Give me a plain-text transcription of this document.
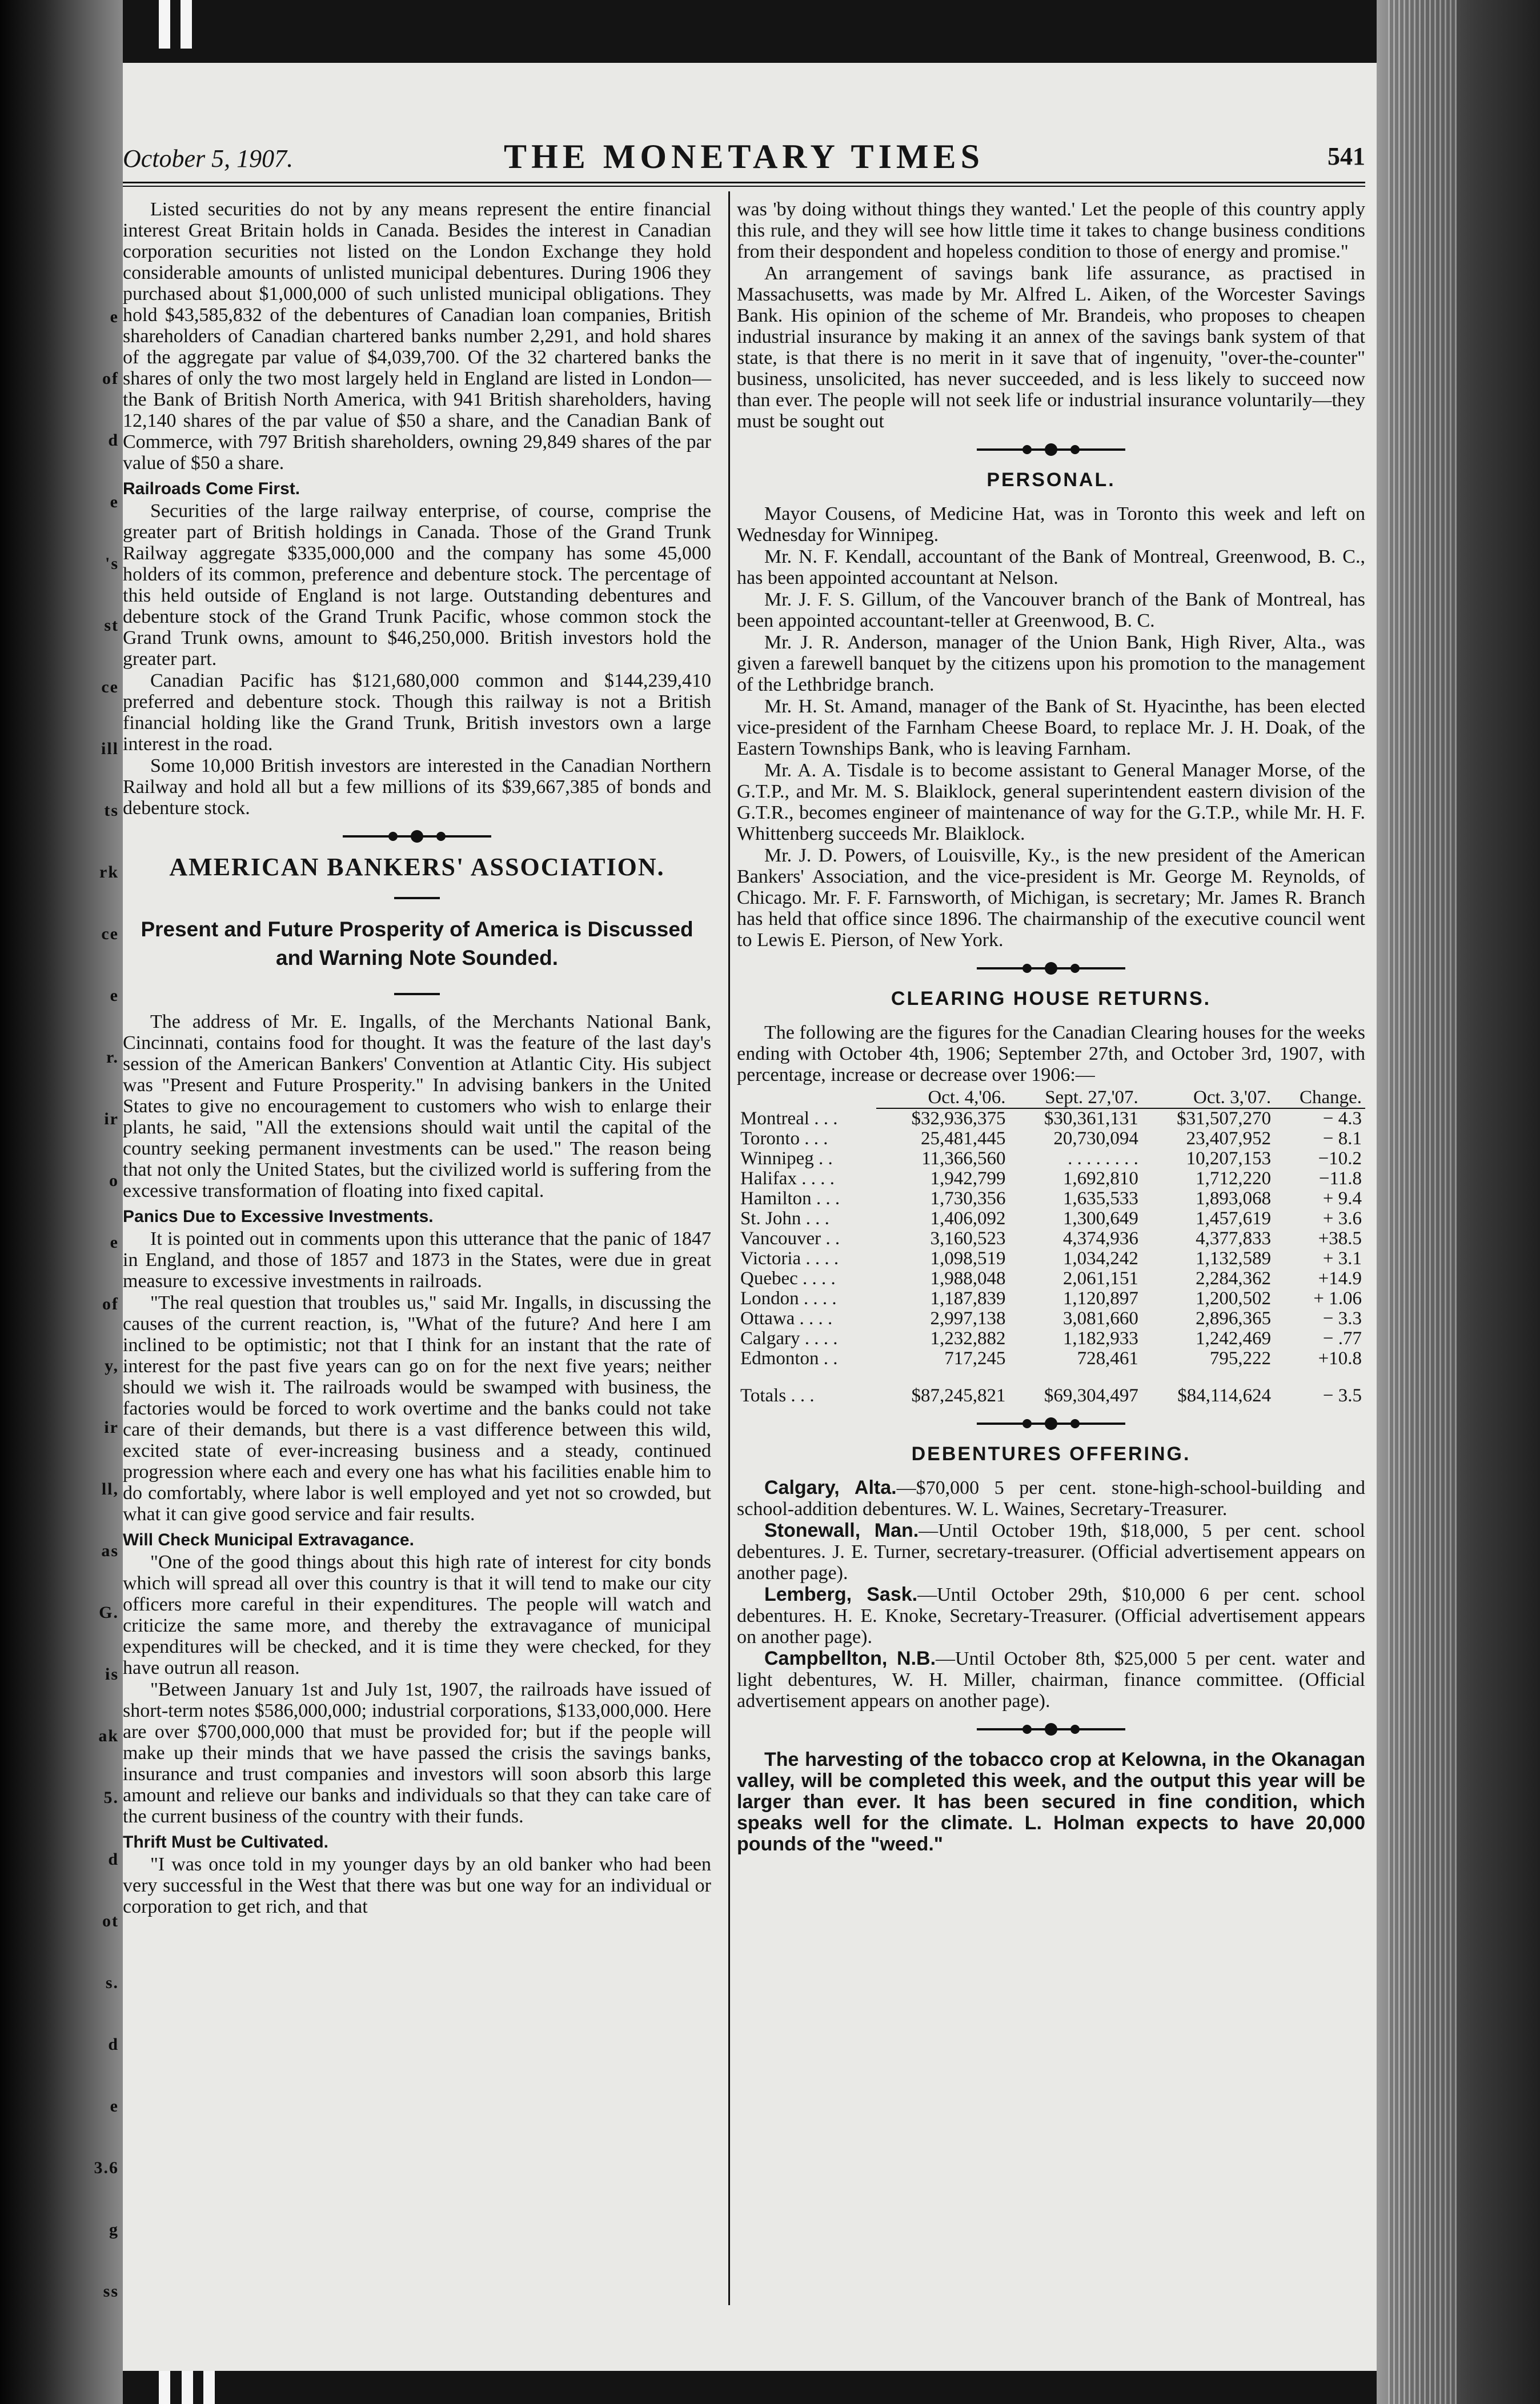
e
of
d
e
's
st
ce
ill
ts
rk
ce
e
r.
ir
o
e
of
y,
ir
ll,
as
G.
is
ak
5.
d
ot
s.
d
e
3.6
g
ss
October 5, 1907.	THE MONETARY TIMES	541

Listed securities do not by any means represent the entire financial interest Great Britain holds in Canada. Besides the interest in Canadian corporation securities not listed on the London Exchange they hold considerable amounts of unlisted municipal debentures. During 1906 they purchased about $1,000,000 of such unlisted municipal obligations. They hold $43,585,832 of the debentures of Canadian loan companies, British shareholders of Canadian chartered banks number 2,291, and hold shares of the aggregate par value of $4,039,700. Of the 32 chartered banks the shares of only the two most largely held in England are listed in London—the Bank of British North America, with 941 British shareholders, having 12,140 shares of the par value of $50 a share, and the Canadian Bank of Commerce, with 797 British shareholders, owning 29,849 shares of the par value of $50 a share.

Railroads Come First.

Securities of the large railway enterprise, of course, comprise the greater part of British holdings in Canada. Those of the Grand Trunk Railway aggregate $335,000,000 and the company has some 45,000 holders of its common, preference and debenture stock. The percentage of this held outside of England is not large. Outstanding debentures and debenture stock of the Grand Trunk Pacific, whose common stock the Grand Trunk owns, amount to $46,250,000. British investors hold the greater part.

Canadian Pacific has $121,680,000 common and $144,239,410 preferred and debenture stock. Though this railway is not a British financial holding like the Grand Trunk, British investors own a large interest in the road.

Some 10,000 British investors are interested in the Canadian Northern Railway and hold all but a few millions of its $39,667,385 of bonds and debenture stock.

AMERICAN BANKERS' ASSOCIATION.
Present and Future Prosperity of America is Discussed and Warning Note Sounded.

The address of Mr. E. Ingalls, of the Merchants National Bank, Cincinnati, contains food for thought. It was the feature of the last day's session of the American Bankers' Convention at Atlantic City. His subject was "Present and Future Prosperity." In advising bankers in the United States to give no encouragement to customers who wish to enlarge their plants, he said, "All the extensions should wait until the capital of the country seeking permanent investments can be used." The reason being that not only the United States, but the civilized world is suffering from the excessive transformation of floating into fixed capital.

Panics Due to Excessive Investments.

It is pointed out in comments upon this utterance that the panic of 1847 in England, and those of 1857 and 1873 in the States, were due in great measure to excessive investments in railroads.

"The real question that troubles us," said Mr. Ingalls, in discussing the causes of the current reaction, is, "What of the future? And here I am inclined to be optimistic; not that I think for an instant that the rate of interest for the past five years can go on for the next five years; neither should we wish it. The railroads would be swamped with business, the factories would be forced to work overtime and the banks could not take care of their demands, but there is a vast difference between this wild, excited state of ever-increasing business and a steady, continued progression where each and every one has what his facilities enable him to do comfortably, where labor is well employed and yet not so crowded, but what it can give good service and fair results.

Will Check Municipal Extravagance.

"One of the good things about this high rate of interest for city bonds which will spread all over this country is that it will tend to make our city officers more careful in their expenditures. The people will watch and criticize the same more, and thereby the extravagance of municipal expenditures will be checked, and it is time they were checked, for they have outrun all reason.

"Between January 1st and July 1st, 1907, the railroads have issued of short-term notes $586,000,000; industrial corporations, $133,000,000. Here are over $700,000,000 that must be provided for; but if the people will make up their minds that we have passed the crisis the savings banks, insurance and trust companies and investors will soon absorb this large amount and relieve our banks and individuals so that they can take care of the current business of the country with their funds.

Thrift Must be Cultivated.

"I was once told in my younger days by an old banker who had been very successful in the West that there was but one way for an individual or corporation to get rich, and that

was 'by doing without things they wanted.' Let the people of this country apply this rule, and they will see how little time it takes to change business conditions from their despondent and hopeless condition to those of energy and promise."

An arrangement of savings bank life assurance, as practised in Massachusetts, was made by Mr. Alfred L. Aiken, of the Worcester Savings Bank. His opinion of the scheme of Mr. Brandeis, who proposes to cheapen industrial insurance by making it an annex of the savings bank system of that state, is that there is no merit in it save that of ingenuity, "over-the-counter" business, unsolicited, has never succeeded, and is less likely to succeed now than ever. The people will not seek life or industrial insurance voluntarily—they must be sought out

PERSONAL.

Mayor Cousens, of Medicine Hat, was in Toronto this week and left on Wednesday for Winnipeg.

Mr. N. F. Kendall, accountant of the Bank of Montreal, Greenwood, B. C., has been appointed accountant at Nelson.

Mr. J. F. S. Gillum, of the Vancouver branch of the Bank of Montreal, has been appointed accountant-teller at Greenwood, B. C.

Mr. J. R. Anderson, manager of the Union Bank, High River, Alta., was given a farewell banquet by the citizens upon his promotion to the management of the Lethbridge branch.

Mr. H. St. Amand, manager of the Bank of St. Hyacinthe, has been elected vice-president of the Farnham Cheese Board, to replace Mr. J. H. Doak, of the Eastern Townships Bank, who is leaving Farnham.

Mr. A. A. Tisdale is to become assistant to General Manager Morse, of the G.T.P., and Mr. M. S. Blaiklock, general superintendent eastern division of the G.T.R., becomes engineer of maintenance of way for the G.T.P., while Mr. H. F. Whittenberg succeeds Mr. Blaiklock.

Mr. J. D. Powers, of Louisville, Ky., is the new president of the American Bankers' Association, and the vice-president is Mr. George M. Reynolds, of Chicago. Mr. F. F. Farnsworth, of Michigan, is secretary; Mr. James R. Branch has held that office since 1896. The chairmanship of the executive council went to Lewis E. Pierson, of New York.

CLEARING HOUSE RETURNS.

The following are the figures for the Canadian Clearing houses for the weeks ending with October 4th, 1906; September 27th, and October 3rd, 1907, with percentage, increase or decrease over 1906:—

	Oct. 4,'06.	Sept. 27,'07.	Oct. 3,'07.	Change.
Montreal . . .	$32,936,375	$30,361,131	$31,507,270	− 4.3
Toronto . . .	25,481,445	20,730,094	23,407,952	− 8.1
Winnipeg . .	11,366,560	. . . . . . . .	10,207,153	−10.2
Halifax . . . .	1,942,799	1,692,810	1,712,220	−11.8
Hamilton . . .	1,730,356	1,635,533	1,893,068	+ 9.4
St. John . . .	1,406,092	1,300,649	1,457,619	+ 3.6
Vancouver . .	3,160,523	4,374,936	4,377,833	+38.5
Victoria . . . .	1,098,519	1,034,242	1,132,589	+ 3.1
Quebec . . . .	1,988,048	2,061,151	2,284,362	+14.9
London . . . .	1,187,839	1,120,897	1,200,502	+ 1.06
Ottawa . . . .	2,997,138	3,081,660	2,896,365	− 3.3
Calgary . . . .	1,232,882	1,182,933	1,242,469	− .77
Edmonton . .	717,245	728,461	795,222	+10.8
Totals . . .	$87,245,821	$69,304,497	$84,114,624	− 3.5
DEBENTURES OFFERING.

Calgary, Alta.—$70,000 5 per cent. stone-high-school-building and school-addition debentures. W. L. Waines, Secretary-Treasurer.

Stonewall, Man.—Until October 19th, $18,000, 5 per cent. school debentures. J. E. Turner, secretary-treasurer. (Official advertisement appears on another page).

Lemberg, Sask.—Until October 29th, $10,000 6 per cent. school debentures. H. E. Knoke, Secretary-Treasurer. (Official advertisement appears on another page).

Campbellton, N.B.—Until October 8th, $25,000 5 per cent. water and light debentures, W. H. Miller, chairman, finance committee. (Official advertisement appears on another page).

The harvesting of the tobacco crop at Kelowna, in the Okanagan valley, will be completed this week, and the output this year will be larger than ever. It has been secured in fine condition, which speaks well for the climate. L. Holman expects to have 20,000 pounds of the "weed."
